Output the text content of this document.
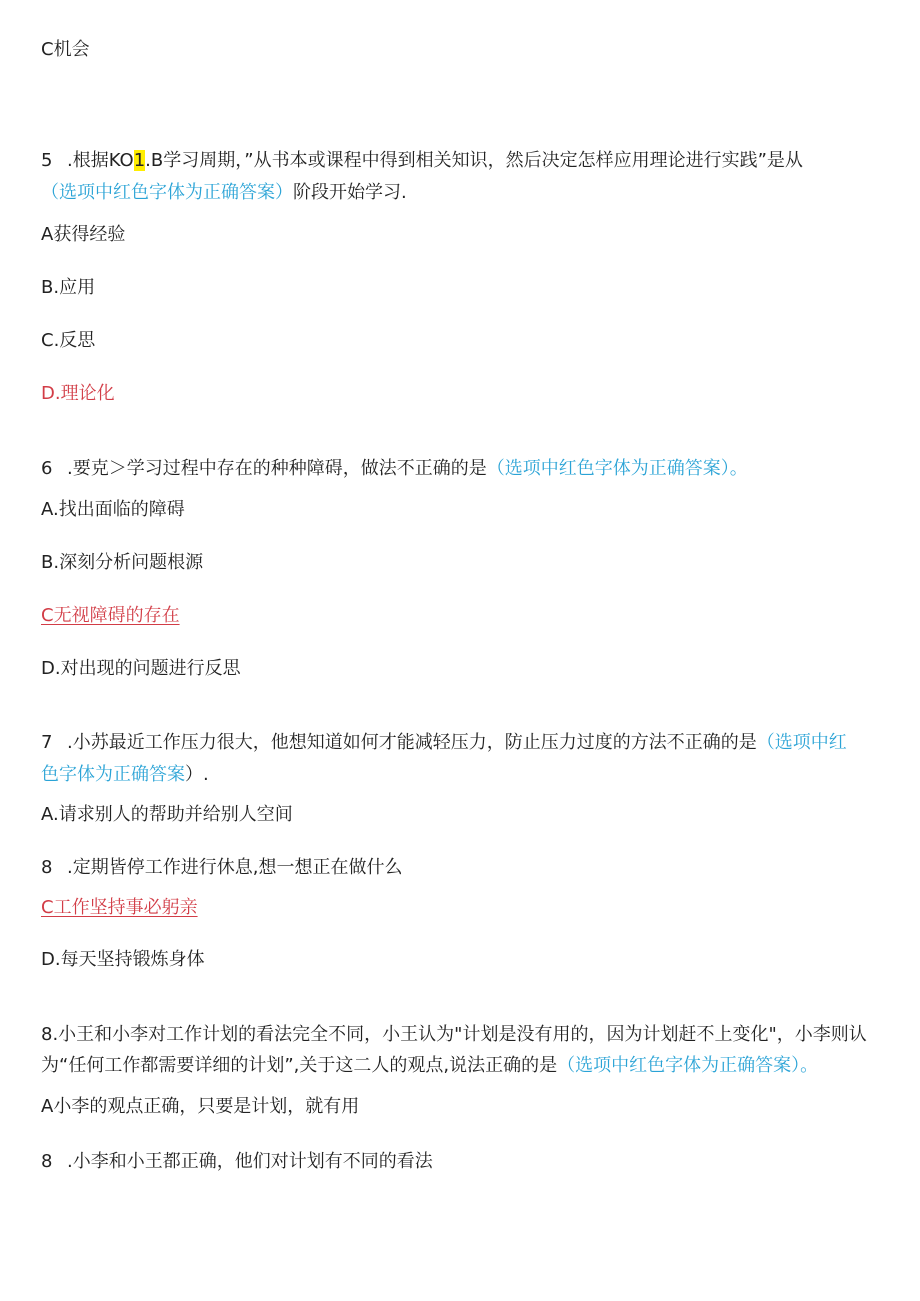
C机会
5 .根据KO1.B学习周期，”从书本或课程中得到相关知识，然后决定怎样应用理论进行实践”是从
（选项中红色字体为正确答案）阶段开始学习.
A获得经验
B.应用
C.反思
D.理论化
6 .要克＞学习过程中存在的种种障碍，做法不正确的是（选项中红色字体为正确答案）。
A.找出面临的障碍
B.深刻分析问题根源
C无视障碍的存在
D.对出现的问题进行反思
7 .小苏最近工作压力很大，他想知道如何才能减轻压力，防止压力过度的方法不正确的是（选项中红
色字体为正确答案）.
A.请求别人的帮助并给别人空间
8 .定期皆停工作进行休息,想一想正在做什么
C工作坚持事必躬亲
D.每天坚持锻炼身体
8.小王和小李对工作计划的看法完全不同，小王认为"计划是没有用的，因为计划赶不上变化"，小李则认
为“任何工作都需要详细的计划”,关于这二人的观点,说法正确的是（选项中红色字体为正确答案）。
A小李的观点正确，只要是计划，就有用
8 .小李和小王都正确，他们对计划有不同的看法
